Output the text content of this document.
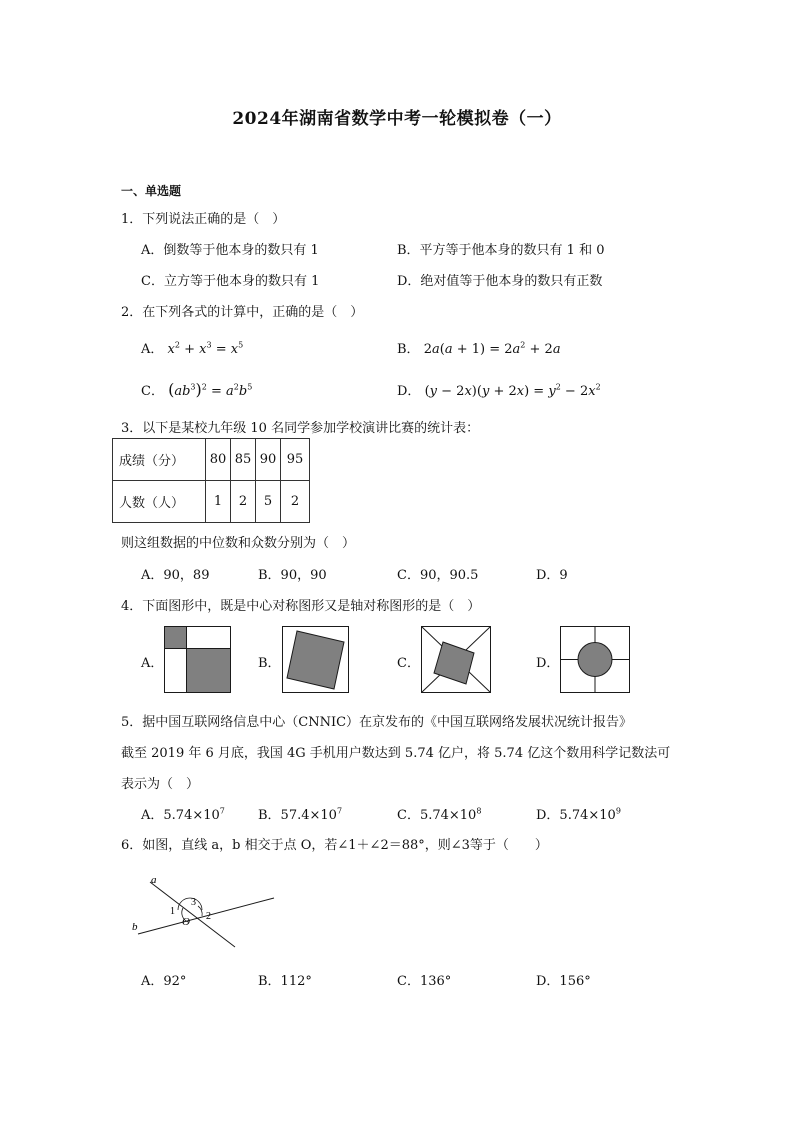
2024年湖南省数学中考一轮模拟卷（一）
一、单选题
1．下列说法正确的是（　）
A．倒数等于他本身的数只有 1	B．平方等于他本身的数只有 1 和 0
C．立方等于他本身的数只有 1	D．绝对值等于他本身的数只有正数
2．在下列各式的计算中，正确的是（　）
A． $x^2 + x^3 = x^5$	B． $2a(a + 1) = 2a^2 + 2a$
C． $(ab^3)^2 = a^2b^5$	D． $(y - 2x)(y + 2x) = y^2 - 2x^2$
3．以下是某校九年级 10 名同学参加学校演讲比赛的统计表：
成绩（分）	80	85	90	95
人数（人）	1	2	5	2
则这组数据的中位数和众数分别为（　）
A．90，89	B．90，90	C．90，90.5	D．9
4．下面图形中，既是中心对称图形又是轴对称图形的是（　）
A．	B．	C．	D．
5．据中国互联网络信息中心（CNNIC）在京发布的《中国互联网络发展状况统计报告》
截至 2019 年 6 月底，我国 4G 手机用户数达到 5.74 亿户，将 5.74 亿这个数用科学记数法可
表示为（　）
A．$5.74\times 10^7$	B．$57.4\times 10^7$	C．$5.74\times 10^8$	D．$5.74\times 10^9$
6．如图，直线 a，b 相交于点 O，若∠1＋∠2＝88°，则∠3等于（　　）
a
b	O
1	2
3
A．92°	B．112°	C．136°	D．156°
